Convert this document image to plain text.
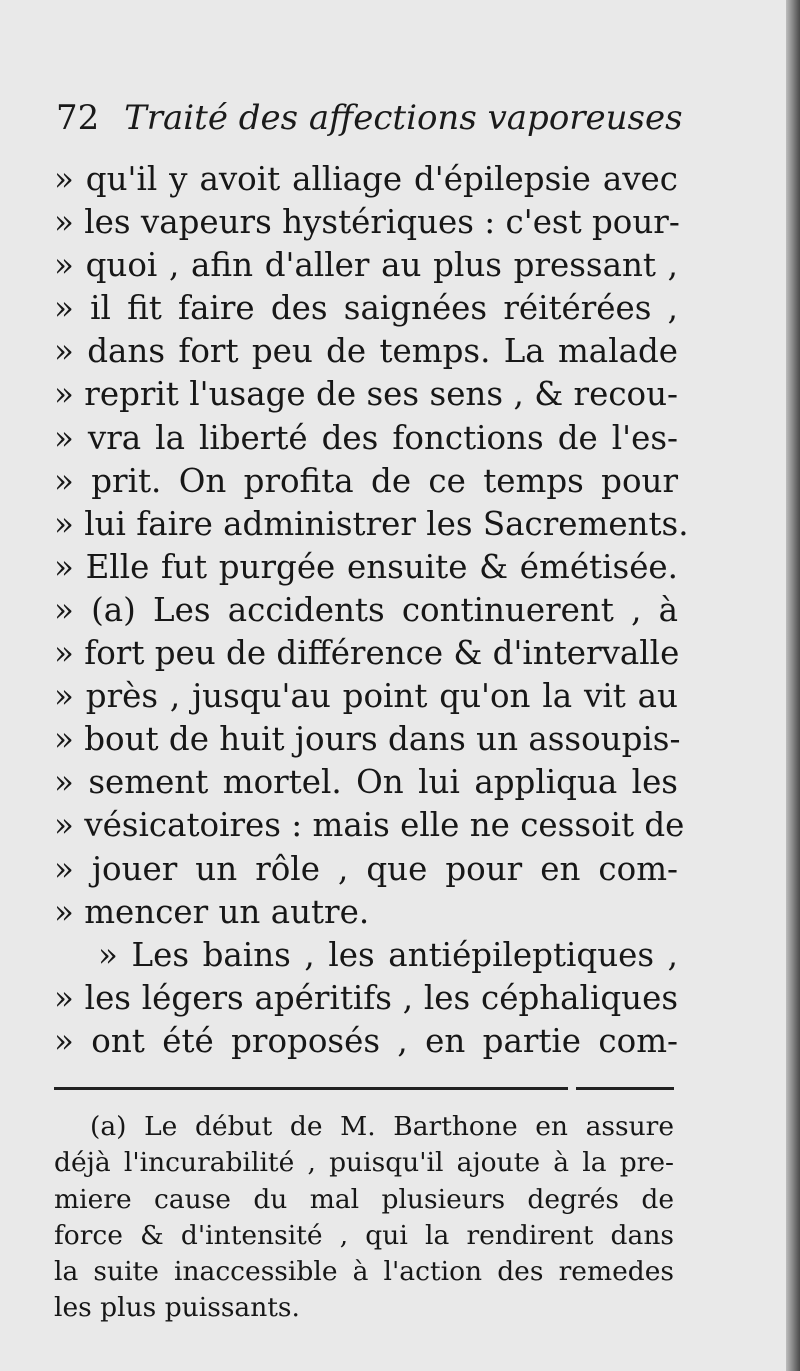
72 Traité des affections vaporeuses
» qu'il y avoit alliage d'épilepsie avec
» les vapeurs hystériques : c'est pour-
» quoi , afin d'aller au plus pressant ,
» il fit faire des saignées réitérées ,
» dans fort peu de temps. La malade
» reprit l'usage de ses sens , & recou-
» vra la liberté des fonctions de l'es-
» prit. On profita de ce temps pour
» lui faire administrer les Sacrements.
» Elle fut purgée ensuite & émétisée.
» (a) Les accidents continuerent , à
» fort peu de différence & d'intervalle
» près , jusqu'au point qu'on la vit au
» bout de huit jours dans un assoupis-
» sement mortel. On lui appliqua les
» vésicatoires : mais elle ne cessoit de
» jouer un rôle , que pour en com-
» mencer un autre.
» Les bains , les antiépileptiques ,
» les légers apéritifs , les céphaliques
» ont été proposés , en partie com-
(a) Le début de M. Barthone en assure
déjà l'incurabilité , puisqu'il ajoute à la pre-
miere cause du mal plusieurs degrés de
force & d'intensité , qui la rendirent dans
la suite inaccessible à l'action des remedes
les plus puissants.
